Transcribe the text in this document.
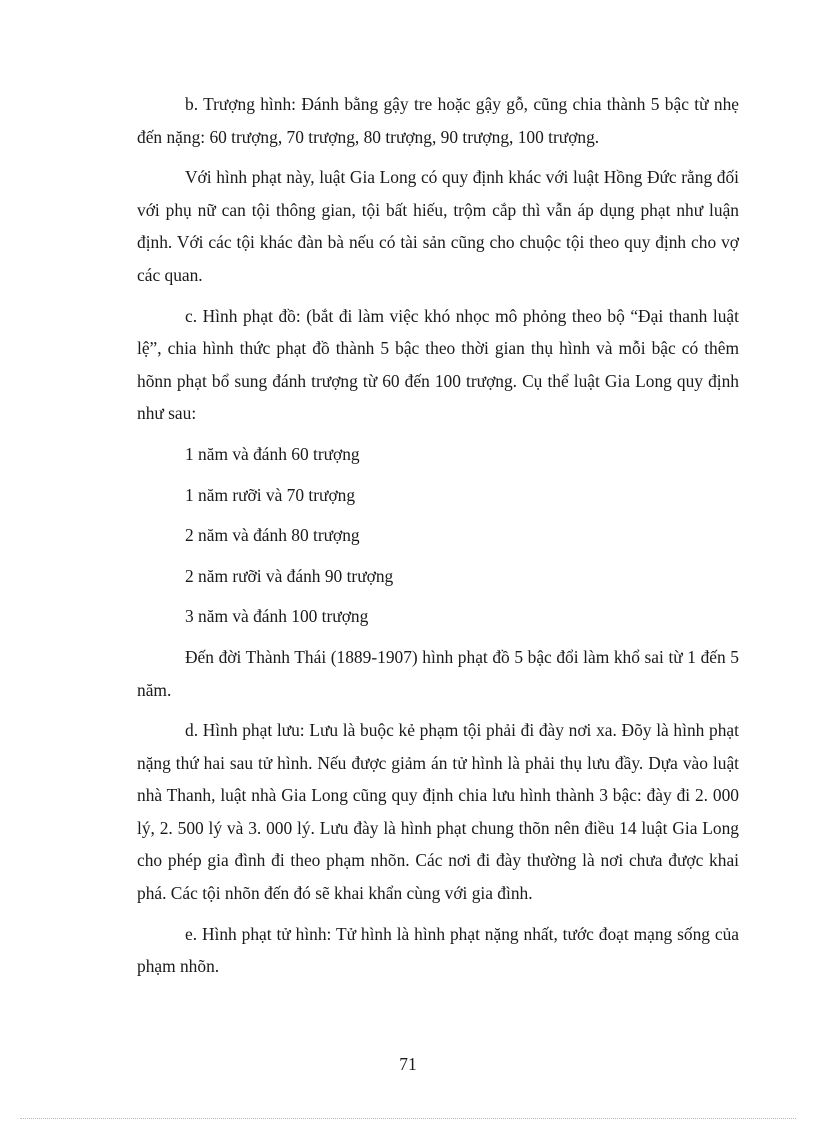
b. Trượng hình: Đánh bằng gậy tre hoặc gậy gỗ, cũng chia thành 5 bậc từ nhẹ đến nặng: 60 trượng, 70 trượng, 80 trượng, 90 trượng, 100 trượng.

Với hình phạt này, luật Gia Long có quy định khác với luật Hồng Đức rằng đối với phụ nữ can tội thông gian, tội bất hiếu, trộm cắp thì vẫn áp dụng phạt như luận định. Với các tội khác đàn bà nếu có tài sản cũng cho chuộc tội theo quy định cho vợ các quan.

c. Hình phạt đồ: (bắt đi làm việc khó nhọc mô phỏng theo bộ “Đại thanh luật lệ”, chia hình thức phạt đồ thành 5 bậc theo thời gian thụ hình và mỗi bậc có thêm hõnn phạt bổ sung đánh trượng từ 60 đến 100 trượng. Cụ thể luật Gia Long quy định như sau:

1 năm và đánh 60 trượng
1 năm rưỡi và 70 trượng
2 năm và đánh 80 trượng
2 năm rưỡi và đánh 90 trượng
3 năm và đánh 100 trượng

Đến đời Thành Thái (1889-1907) hình phạt đồ 5 bậc đổi làm khổ sai từ 1 đến 5 năm.

d. Hình phạt lưu: Lưu là buộc kẻ phạm tội phải đi đày nơi xa. Đõy là hình phạt nặng thứ hai sau tử hình. Nếu được giảm án tử hình là phải thụ lưu đầy. Dựa vào luật nhà Thanh, luật nhà Gia Long cũng quy định chia lưu hình thành 3 bậc: đày đi 2. 000 lý, 2. 500 lý và 3. 000 lý. Lưu đày là hình phạt chung thõn nên điều 14 luật Gia Long cho phép gia đình đi theo phạm nhõn. Các nơi đi đày thường là nơi chưa được khai phá. Các tội nhõn đến đó sẽ khai khẩn cùng với gia đình.

e. Hình phạt tử hình: Tử hình là hình phạt nặng nhất, tước đoạt mạng sống của phạm nhõn.

71
